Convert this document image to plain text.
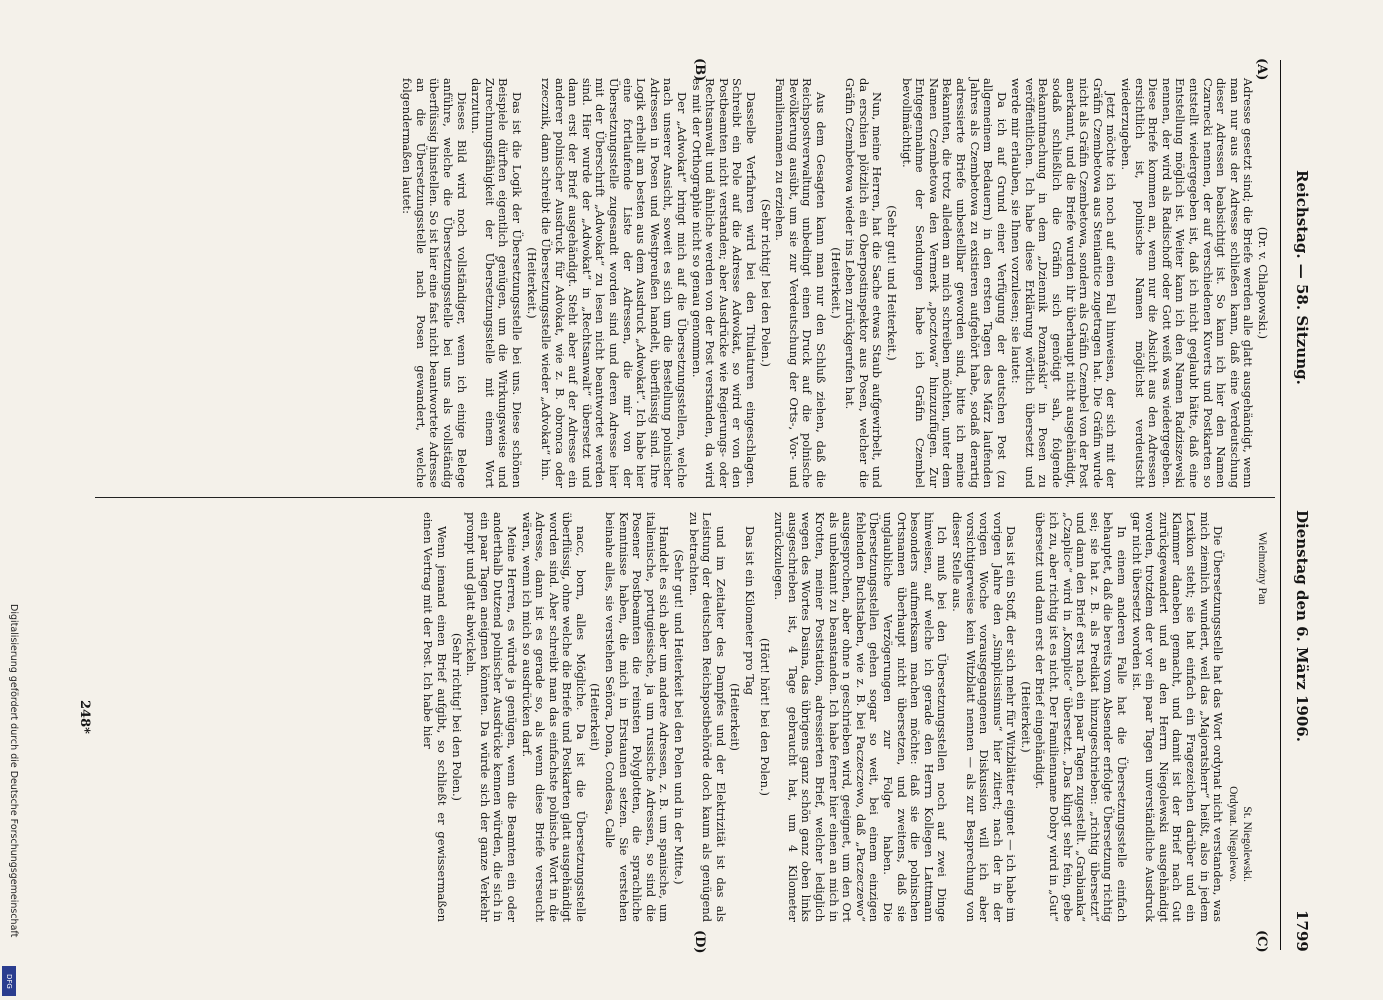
Reichstag. — 58. Sitzung.
Dienstag den 6. März 1906.
1799
(A)
(B)
(C)
(D)

(Dr. v. Chlapowski.)

Adresse gesetzt sind; die Briefe werden alle glatt ausgehändigt, wenn man nur aus der Adresse schließen kann, daß eine Verdeutschung dieser Adressen beabsichtigt ist. So kann ich hier den Namen Czarnecki nennen, der auf verschiedenen Kuverts und Postkarten so entstellt wiedergegeben ist, daß ich nicht geglaubt hätte, daß eine Entstellung möglich ist. Weiter kann ich den Namen Radziszewski nennen, der wird als Radischoff oder Gott weiß was wiedergegeben. Diese Briefe kommen an, wenn nur die Absicht aus den Adressen ersichtlich ist, polnische Namen möglichst verdeutscht wiederzugeben.

Jetzt möchte ich noch auf einen Fall hinweisen, der sich mit der Gräfin Czembetowa aus Steniantice zugetragen hat. Die Gräfin wurde nicht als Gräfin Czembetowa, sondern als Gräfin Czembel von der Post anerkannt, und die Briefe wurden ihr überhaupt nicht ausgehändigt, sodaß schließlich die Gräfin sich genötigt sah, folgende Bekanntmachung in dem „Dziennik Poznański“ in Posen zu veröffentlichen. Ich habe diese Erklärung wörtlich übersetzt und werde mir erlauben, sie Ihnen vorzulesen; sie lautet:

Da ich auf Grund einer Verfügung der deutschen Post (zu allgemeinem Bedauern) in den ersten Tagen des März laufenden Jahres als Czembetowa zu existieren aufgehört habe, sodaß derartig adressierte Briefe unbestellbar geworden sind, bitte ich meine Bekannten, die trotz alledem an mich schreiben möchten, unter dem Namen Czembetowa den Vermerk „pocztowa“ hinzuzufügen. Zur Entgegennahme der Sendungen habe ich Gräfin Czembel bevollmächtigt.

(Sehr gut! und Heiterkeit.)

Nun, meine Herren, hat die Sache etwas Staub aufgewirbelt, und da erschien plötzlich ein Oberpostinspektor aus Posen, welcher die Gräfin Czembetowa wieder ins Leben zurückgerufen hat.

(Heiterkeit.)

Aus dem Gesagten kann man nur den Schluß ziehen, daß die Reichspostverwaltung unbedingt einen Druck auf die polnische Bevölkerung ausübt, um sie zur Verdeutschung der Orts-, Vor- und Familiennamen zu erziehen.

(Sehr richtig! bei den Polen.)

Dasselbe Verfahren wird bei den Titulaturen eingeschlagen. Schreibt ein Pole auf die Adresse Adwokat, so wird er von den Postbeamten nicht verstanden; aber Ausdrücke wie Regierungs- oder Rechtsanwalt und ähnliche werden von der Post verstanden, da wird es mit der Orthographie nicht so genau genommen.

Der „Adwokat“ bringt mich auf die Übersetzungsstellen, welche nach unserer Ansicht, soweit es sich um die Bestellung polnischer Adressen in Posen und Westpreußen handelt, überflüssig sind. Ihre Logik erhellt am besten aus dem Ausdruck „Adwokat“. Ich habe hier eine fortlaufende Liste der Adressen, die mir von der Übersetzungsstelle zugesandt worden sind und deren Adresse hier mit der Überschrift „Adwokat“ zu lesen nicht beantwortet werden sind. Hier wurde der „Adwokat“ in „Rechtsanwalt“ übersetzt und dann erst der Brief ausgehändigt. Steht aber auf der Adresse ein anderer polnischer Ausdruck für Advokat, wie z. B. obronca oder rzecznik, dann schreibt die Übersetzungsstelle wieder „Advokat“ hin.

(Heiterkeit.)

Das ist die Logik der Übersetzungsstelle bei uns. Diese schönen Beispiele dürften eigentlich genügen, um die Wirkungsweise und Zurechnungsfähigkeit der Übersetzungsstelle mit einem Wort darzutun.

Dieses Bild wird noch vollständiger, wenn ich einige Belege anführe, welche die Übersetzungsstelle bei uns als vollständig überflüssig hinstellen. So ist hier eine fast nicht beantwortete Adresse an die Übersetzungsstelle nach Posen gewandert, welche folgendermaßen lautet:

Wielmożny Pan

St. Niegolewski.

Ordynat. Niegolewo.

Die Übersetzungsstelle hat das Wort ordynat nicht verstanden, was mich ziemlich wundert, weil das „Majoratsherr“ heißt, also in jedem Lexikon steht; sie hat einfach ein Fragezeichen darüber und ein Klammer daneben gemacht, und damit ist der Brief nach Gut zurückgewandert und an den Herrn Niegolewski ausgehändigt worden, trotzdem der vor ein paar Tagen unverständliche Ausdruck gar nicht übersetzt worden ist.

In einem anderen Falle hat die Übersetzungsstelle einfach behauptet, daß die bereits vom Absender erfolgte Übersetzung richtig sei; sie hat z. B. als Predikat hinzugeschrieben: „richtig übersetzt“ und dann den Brief erst nach ein paar Tagen zugestellt. „Grabianka“ „Czaplice“ wird in „Komplice“ übersetzt. „Das klingt sehr fein, gebe ich zu, aber richtig ist es nicht. Der Familienname Dobry wird in „Gut“ übersetzt und dann erst der Brief eingehändigt.

(Heiterkeit.)

Das ist ein Stoff, der sich mehr für Witzblätter eignet — ich habe im vorigen Jahre den „Simplicissimus“ hier zitiert; nach der in der vorigen Woche vorausgegangenen Diskussion will ich aber vorsichtigerweise kein Witzblatt nennen — als zur Besprechung von dieser Stelle aus.

Ich muß bei den Übersetzungsstellen noch auf zwei Dinge hinweisen, auf welche ich gerade den Herrn Kollegen Lattmann besonders aufmerksam machen möchte: daß sie die polnischen Ortsnamen überhaupt nicht übersetzen, und zweitens, daß sie unglaubliche Verzögerungen zur Folge haben. Die Übersetzungsstellen gehen sogar so weit, bei einem einzigen fehlenden Buchstaben, wie z. B. bei Paczeczewo, daß „Paczeczewo“ ausgesprochen, aber ohne n geschrieben wird, geeignet, um den Ort als unbekannt zu beanstanden. Ich habe ferner hier einen an mich in Krotten, meiner Poststation, adressierten Brief, welcher lediglich wegen des Wortes Dasina, das übrigens ganz schön ganz oben links ausgeschrieben ist, 4 Tage gebraucht hat, um 4 Kilometer zurückzulegen.

(Hört! hört! bei den Polen.)

Das ist ein Kilometer pro Tag

(Heiterkeit)

und im Zeitalter des Dampfes und der Elektrizität ist das als Leistung der deutschen Reichspostbehörde doch kaum als genügend zu betrachten.

(Sehr gut! und Heiterkeit bei den Polen und in der Mitte.)

Handelt es sich aber um andere Adressen, z. B. um spanische, um italienische, portugiesische, ja um russische Adressen, so sind die Posener Postbeamten die reinsten Polyglotten, die sprachliche Kenntnisse haben, die mich in Erstaunen setzen. Sie verstehen beinahe alles, sie verstehen Señora, Dona, Condesa, Calle

(Heiterkeit)

nacc, born, alles Mögliche. Da ist die Übersetzungsstelle überflüssig, ohne welche die Briefe und Postkarten glatt ausgehändigt worden sind. Aber schreibt man das einfachste polnische Wort in die Adresse, dann ist es gerade so, als wenn diese Briefe verseucht wären, wenn ich mich so ausdrücken darf.

Meine Herren, es würde ja genügen, wenn die Beamten ein oder anderthalb Dutzend polnischer Ausdrücke kennen würden, die sich in ein paar Tagen aneignen könnten. Da würde sich der ganze Verkehr prompt und glatt abwickeln.

(Sehr richtig! bei den Polen.)

Wenn jemand einen Brief aufgibt, so schließt er gewissermaßen einen Vertrag mit der Post. Ich habe hier

248*
Digitalisierung gefördert durch die Deutsche Forschungsgemeinschaft
DFG
